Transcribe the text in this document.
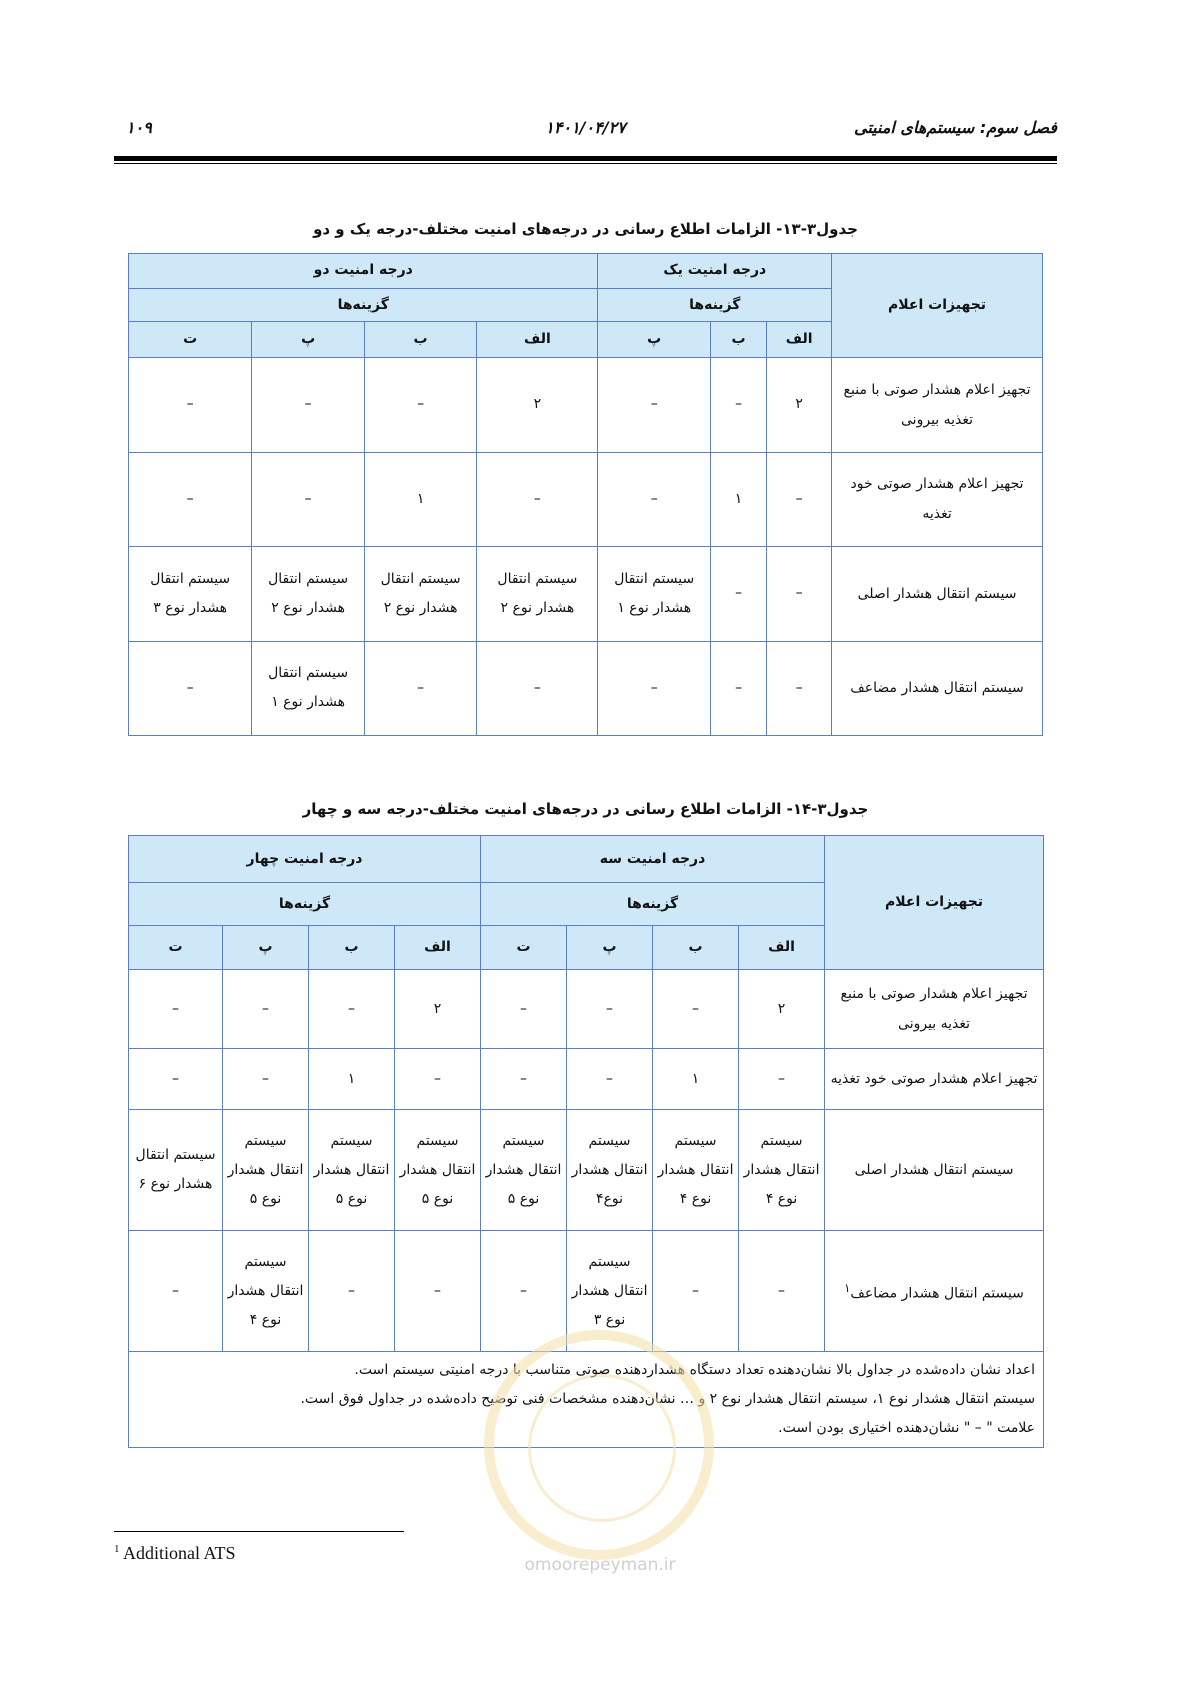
فصل سوم: سیستم‌های امنیتی
۱۴۰۱/۰۴/۲۷
۱۰۹
جدول۳-۱۳- الزامات اطلاع رسانی در درجه‌های امنیت مختلف-درجه یک و دو
تجهیزات اعلام	درجه امنیت یک			درجه امنیت دو			
	گزینه‌ها			گزینه‌ها			
	الف	ب	پ	الف	ب	پ	ت
تجهیز اعلام هشدار صوتی با منبع تغذیه بیرونی	۲	–	–	۲	–	–	–
تجهیز اعلام هشدار صوتی خود تغذیه	–	۱	–	–	۱	–	–
سیستم انتقال هشدار اصلی	–	–	سیستم انتقال هشدار نوع ۱	سیستم انتقال هشدار نوع ۲	سیستم انتقال هشدار نوع ۲	سیستم انتقال هشدار نوع ۲	سیستم انتقال هشدار نوع ۳
سیستم انتقال هشدار مضاعف	–	–	–	–	–	سیستم انتقال هشدار نوع ۱	–
جدول۳-۱۴- الزامات اطلاع رسانی در درجه‌های امنیت مختلف-درجه سه و چهار
تجهیزات اعلام	درجه امنیت سه				درجه امنیت چهار			
	گزینه‌ها				گزینه‌ها			
	الف	ب	پ	ت	الف	ب	پ	ت
تجهیز اعلام هشدار صوتی با منبع تغذیه بیرونی	۲	–	–	–	۲	–	–	–
تجهیز اعلام هشدار صوتی خود تغذیه	–	۱	–	–	–	۱	–	–
سیستم انتقال هشدار اصلی	سیستم انتقال هشدار نوع ۴	سیستم انتقال هشدار نوع ۴	سیستم انتقال هشدار نوع۴	سیستم انتقال هشدار نوع ۵	سیستم انتقال هشدار نوع ۵	سیستم انتقال هشدار نوع ۵	سیستم انتقال هشدار نوع ۵	سیستم انتقال هشدار نوع ۶
سیستم انتقال هشدار مضاعف$^۱$	–	–	سیستم انتقال هشدار نوع ۳	–	–	–	سیستم انتقال هشدار نوع ۴	–

اعداد نشان داده‌شده در جداول بالا نشان‌دهنده تعداد دستگاه هشداردهنده صوتی متناسب با درجه امنیتی سیستم است.
سیستم انتقال هشدار نوع ۱، سیستم انتقال هشدار نوع ۲ و … نشان‌دهنده مشخصات فنی توضیح داده‌شده در جداول فوق است.
علامت " – " نشان‌دهنده اختیاری بودن است.								
omoorepeyman.ir
$^1$ Additional ATS
